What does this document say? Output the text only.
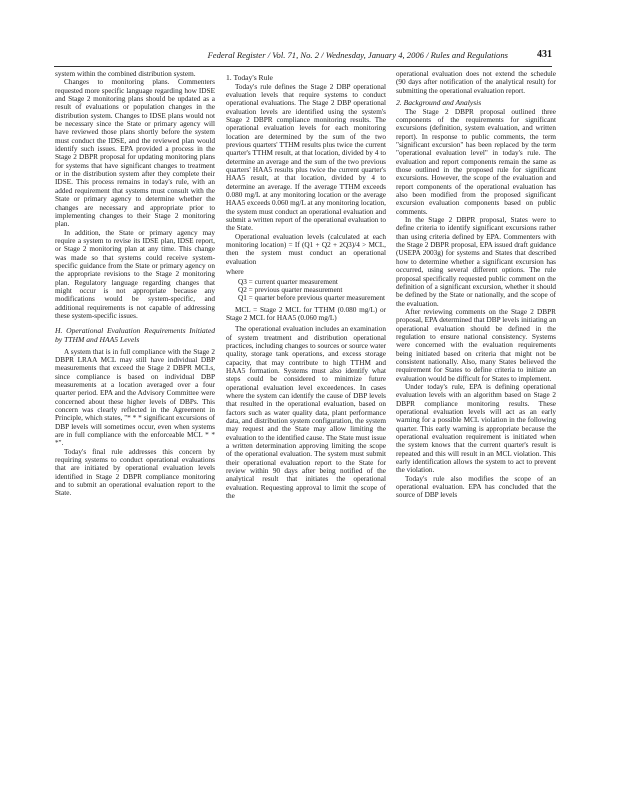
Federal Register / Vol. 71, No. 2 / Wednesday, January 4, 2006 / Rules and Regulations	431

system within the combined distribution system.

Changes to monitoring plans. Commenters requested more specific language regarding how IDSE and Stage 2 monitoring plans should be updated as a result of evaluations or population changes in the distribution system. Changes to IDSE plans would not be necessary since the State or primary agency will have reviewed those plans shortly before the system must conduct the IDSE, and the reviewed plan would identify such issues. EPA provided a process in the Stage 2 DBPR proposal for updating monitoring plans for systems that have significant changes to treatment or in the distribution system after they complete their IDSE. This process remains in today's rule, with an added requirement that systems must consult with the State or primary agency to determine whether the changes are necessary and appropriate prior to implementing changes to their Stage 2 monitoring plan.

In addition, the State or primary agency may require a system to revise its IDSE plan, IDSE report, or Stage 2 monitoring plan at any time. This change was made so that systems could receive system-specific guidance from the State or primary agency on the appropriate revisions to the Stage 2 monitoring plan. Regulatory language regarding changes that might occur is not appropriate because any modifications would be system-specific, and additional requirements is not capable of addressing these system-specific issues.

H. Operational Evaluation Requirements Initiated by TTHM and HAA5 Levels

A system that is in full compliance with the Stage 2 DBPR LRAA MCL may still have individual DBP measurements that exceed the Stage 2 DBPR MCLs, since compliance is based on individual DBP measurements at a location averaged over a four quarter period. EPA and the Advisory Committee were concerned about these higher levels of DBPs. This concern was clearly reflected in the Agreement in Principle, which states, "* * * significant excursions of DBP levels will sometimes occur, even when systems are in full compliance with the enforceable MCL * * *".

Today's final rule addresses this concern by requiring systems to conduct operational evaluations that are initiated by operational evaluation levels identified in Stage 2 DBPR compliance monitoring and to submit an operational evaluation report to the State.

1. Today's Rule

Today's rule defines the Stage 2 DBP operational evaluation levels that require systems to conduct operational evaluations. The Stage 2 DBP operational evaluation levels are identified using the system's Stage 2 DBPR compliance monitoring results. The operational evaluation levels for each monitoring location are determined by the sum of the two previous quarters' TTHM results plus twice the current quarter's TTHM result, at that location, divided by 4 to determine an average and the sum of the two previous quarters' HAA5 results plus twice the current quarter's HAA5 result, at that location, divided by 4 to determine an average. If the average TTHM exceeds 0.080 mg/L at any monitoring location or the average HAA5 exceeds 0.060 mg/L at any monitoring location, the system must conduct an operational evaluation and submit a written report of the operational evaluation to the State.

Operational evaluation levels (calculated at each monitoring location) = If (Q1 + Q2 + 2Q3)/4 > MCL, then the system must conduct an operational evaluation

where

Q3 = current quarter measurement
Q2 = previous quarter measurement
Q1 = quarter before previous quarter measurement

MCL = Stage 2 MCL for TTHM (0.080 mg/L) or Stage 2 MCL for HAA5 (0.060 mg/L)

The operational evaluation includes an examination of system treatment and distribution operational practices, including changes to sources or source water quality, storage tank operations, and excess storage capacity, that may contribute to high TTHM and HAA5 formation. Systems must also identify what steps could be considered to minimize future operational evaluation level exceedences. In cases where the system can identify the cause of DBP levels that resulted in the operational evaluation, based on factors such as water quality data, plant performance data, and distribution system configuration, the system may request and the State may allow limiting the evaluation to the identified cause. The State must issue a written determination approving limiting the scope of the operational evaluation. The system must submit their operational evaluation report to the State for review within 90 days after being notified of the analytical result that initiates the operational evaluation. Requesting approval to limit the scope of the

operational evaluation does not extend the schedule (90 days after notification of the analytical result) for submitting the operational evaluation report.

2. Background and Analysis

The Stage 2 DBPR proposal outlined three components of the requirements for significant excursions (definition, system evaluation, and written report). In response to public comments, the term "significant excursion" has been replaced by the term "operational evaluation level" in today's rule. The evaluation and report components remain the same as those outlined in the proposed rule for significant excursions. However, the scope of the evaluation and report components of the operational evaluation has also been modified from the proposed significant excursion evaluation components based on public comments.

In the Stage 2 DBPR proposal, States were to define criteria to identify significant excursions rather than using criteria defined by EPA. Commenters with the Stage 2 DBPR proposal, EPA issued draft guidance (USEPA 2003g) for systems and States that described how to determine whether a significant excursion has occurred, using several different options. The rule proposal specifically requested public comment on the definition of a significant excursion, whether it should be defined by the State or nationally, and the scope of the evaluation.

After reviewing comments on the Stage 2 DBPR proposal, EPA determined that DBP levels initiating an operational evaluation should be defined in the regulation to ensure national consistency. Systems were concerned with the evaluation requirements being initiated based on criteria that might not be consistent nationally. Also, many States believed the requirement for States to define criteria to initiate an evaluation would be difficult for States to implement.

Under today's rule, EPA is defining operational evaluation levels with an algorithm based on Stage 2 DBPR compliance monitoring results. These operational evaluation levels will act as an early warning for a possible MCL violation in the following quarter. This early warning is appropriate because the operational evaluation requirement is initiated when the system knows that the current quarter's result is repeated and this will result in an MCL violation. This early identification allows the system to act to prevent the violation.

Today's rule also modifies the scope of an operational evaluation. EPA has concluded that the source of DBP levels
